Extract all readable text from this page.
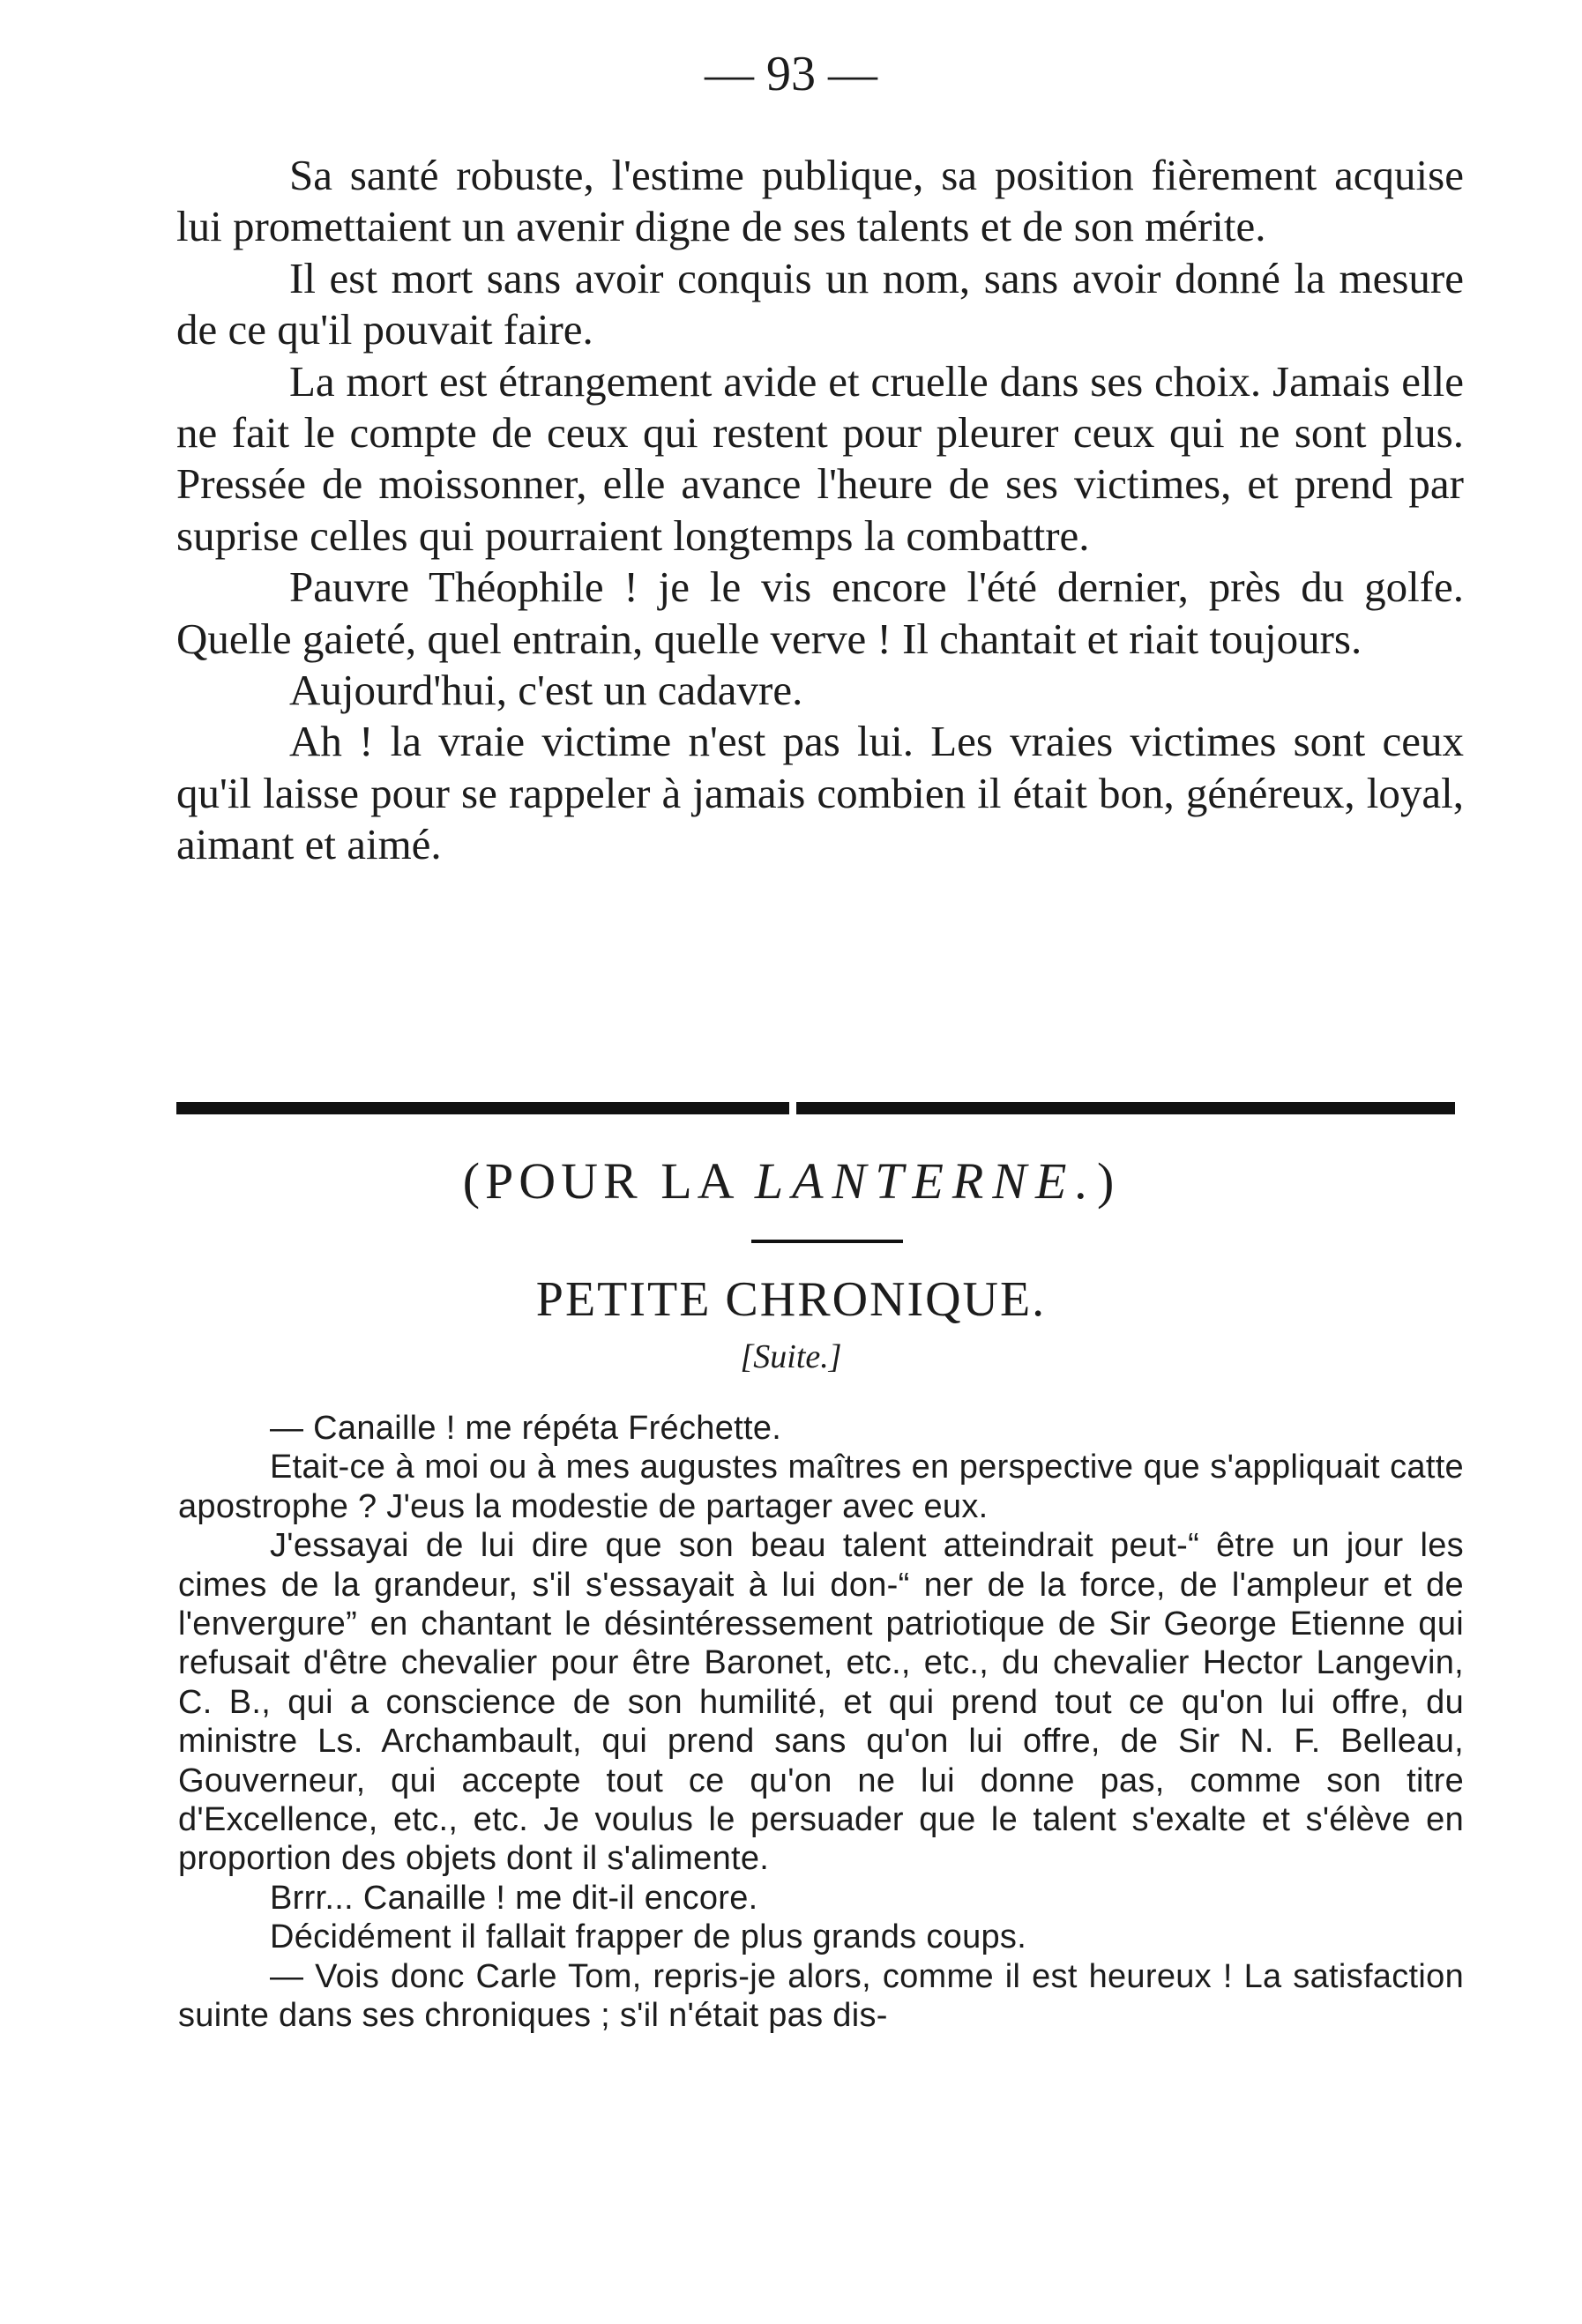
— 93 —

Sa santé robuste, l'estime publique, sa position fièrement acquise lui promettaient un avenir digne de ses talents et de son mérite.

Il est mort sans avoir conquis un nom, sans avoir donné la mesure de ce qu'il pouvait faire.

La mort est étrangement avide et cruelle dans ses choix. Jamais elle ne fait le compte de ceux qui restent pour pleurer ceux qui ne sont plus. Pressée de moissonner, elle avance l'heure de ses victimes, et prend par suprise celles qui pourraient longtemps la combattre.

Pauvre Théophile ! je le vis encore l'été dernier, près du golfe. Quelle gaieté, quel entrain, quelle verve ! Il chantait et riait toujours.

Aujourd'hui, c'est un cadavre.

Ah ! la vraie victime n'est pas lui. Les vraies victimes sont ceux qu'il laisse pour se rappeler à jamais combien il était bon, généreux, loyal, aimant et aimé.

(POUR LA LANTERNE.)
PETITE CHRONIQUE.
[Suite.]

— Canaille ! me répéta Fréchette.

Etait-ce à moi ou à mes augustes maîtres en perspective que s'appliquait catte apostrophe ? J'eus la modestie de partager avec eux.

J'essayai de lui dire que son beau talent atteindrait peut-“ être un jour les cimes de la grandeur, s'il s'essayait à lui don-“ ner de la force, de l'ampleur et de l'envergure” en chantant le désintéressement patriotique de Sir George Etienne qui refusait d'être chevalier pour être Baronet, etc., etc., du chevalier Hector Langevin, C. B., qui a conscience de son humilité, et qui prend tout ce qu'on lui offre, du ministre Ls. Archambault, qui prend sans qu'on lui offre, de Sir N. F. Belleau, Gouverneur, qui accepte tout ce qu'on ne lui donne pas, comme son titre d'Excellence, etc., etc. Je voulus le persuader que le talent s'exalte et s'élève en proportion des objets dont il s'alimente.

Brrr... Canaille ! me dit-il encore.

Décidément il fallait frapper de plus grands coups.

— Vois donc Carle Tom, repris-je alors, comme il est heureux ! La satisfaction suinte dans ses chroniques ; s'il n'était pas dis-
